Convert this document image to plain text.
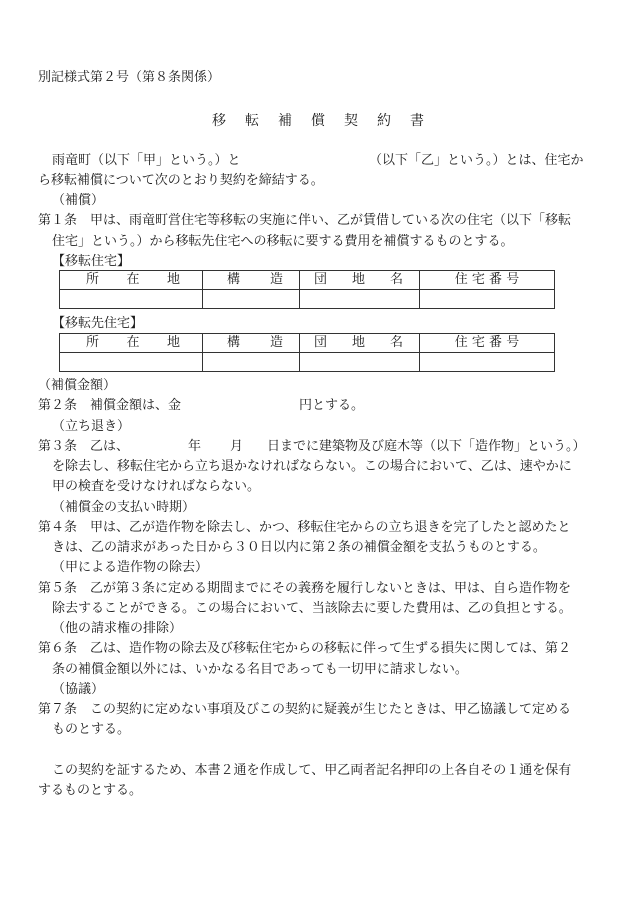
別記様式第２号（第８条関係）
移 転 補 償 契 約 書
雨竜町（以下「甲」という。）と	（以下「乙」という。）とは、住宅か
ら移転補償について次のとおり契約を締結する。
（補償）
第１条　甲は、雨竜町営住宅等移転の実施に伴い、乙が賃借している次の住宅（以下「移転
住宅」という。）から移転先住宅への移転に要する費用を補償するものとする。
【移転住宅】
所 在 地	構 造	団 地 名	住 宅 番 号

【移転先住宅】
所 在 地	構 造	団 地 名	住 宅 番 号

（補償金額）
第２条　補償金額は、金	円とする。
（立ち退き）
第３条　乙は、	年 月 日までに建築物及び庭木等（以下「造作物」という。）
を除去し、移転住宅から立ち退かなければならない。この場合において、乙は、速やかに
甲の検査を受けなければならない。
（補償金の支払い時期）
第４条　甲は、乙が造作物を除去し、かつ、移転住宅からの立ち退きを完了したと認めたと
きは、乙の請求があった日から３０日以内に第２条の補償金額を支払うものとする。
（甲による造作物の除去）
第５条　乙が第３条に定める期間までにその義務を履行しないときは、甲は、自ら造作物を
除去することができる。この場合において、当該除去に要した費用は、乙の負担とする。
（他の請求権の排除）
第６条　乙は、造作物の除去及び移転住宅からの移転に伴って生ずる損失に関しては、第２
条の補償金額以外には、いかなる名目であっても一切甲に請求しない。
（協議）
第７条　この契約に定めない事項及びこの契約に疑義が生じたときは、甲乙協議して定める
ものとする。
この契約を証するため、本書２通を作成して、甲乙両者記名押印の上各自その１通を保有
するものとする。
